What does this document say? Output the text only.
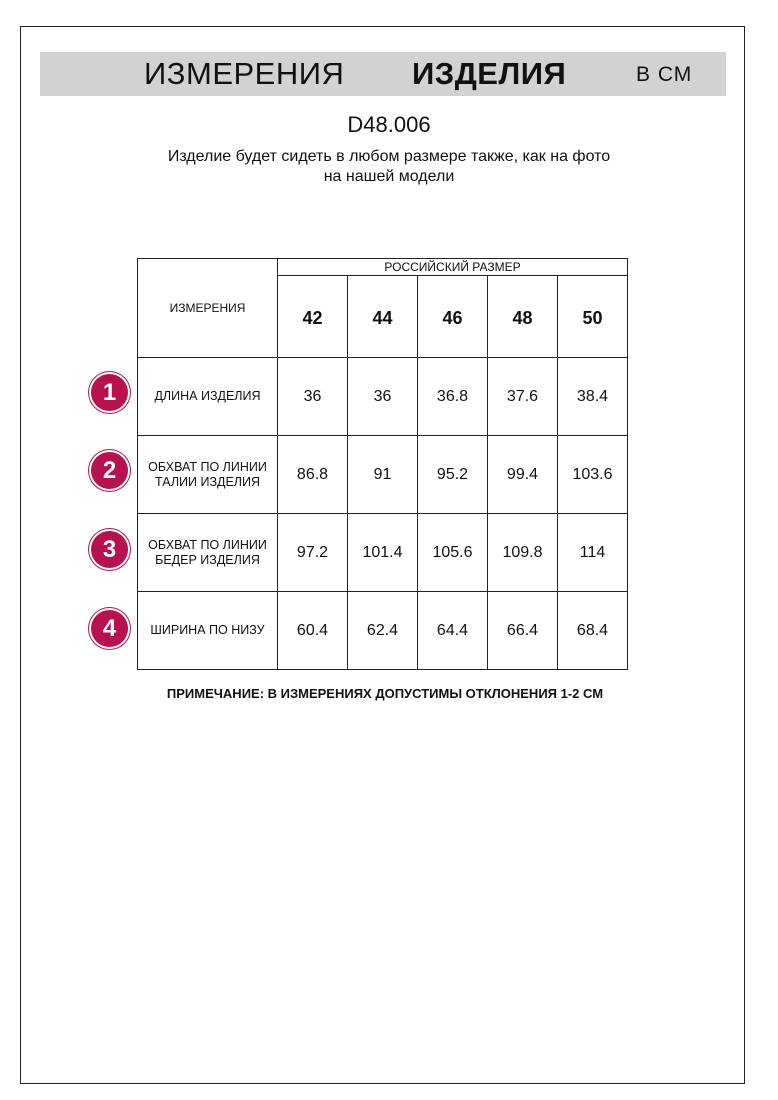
ИЗМЕРЕНИЯ ИЗДЕЛИЯ	В СМ
D48.006
Изделие будет сидеть в любом размере также, как на фото
на нашей модели
ИЗМЕРЕНИЯ	РОССИЙСКИЙ РАЗМЕР				
	42	44	46	48	50

ДЛИНА ИЗДЕЛИЯ	36	36	36.8	37.6	38.4

ОБХВАТ ПО ЛИНИИ
ТАЛИИ ИЗДЕЛИЯ	86.8	91	95.2	99.4	103.6

ОБХВАТ ПО ЛИНИИ
БЕДЕР ИЗДЕЛИЯ	97.2	101.4	105.6	109.8	114

ШИРИНА ПО НИЗУ	60.4	62.4	64.4	66.4	68.4
1
2
3
4
ПРИМЕЧАНИЕ: В ИЗМЕРЕНИЯХ ДОПУСТИМЫ ОТКЛОНЕНИЯ 1-2 СМ
